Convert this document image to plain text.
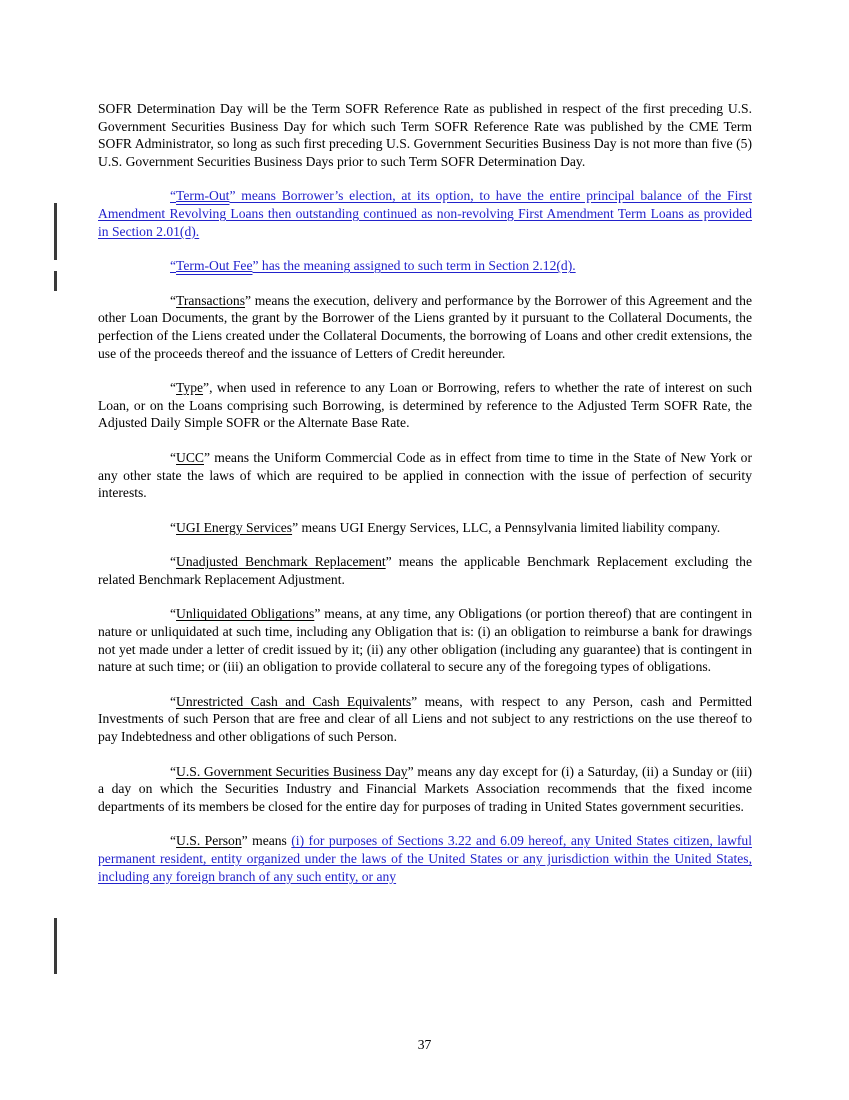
SOFR Determination Day will be the Term SOFR Reference Rate as published in respect of the first preceding U.S. Government Securities Business Day for which such Term SOFR Reference Rate was published by the CME Term SOFR Administrator, so long as such first preceding U.S. Government Securities Business Day is not more than five (5) U.S. Government Securities Business Days prior to such Term SOFR Determination Day.

“Term-Out” means Borrower’s election, at its option, to have the entire principal balance of the First Amendment Revolving Loans then outstanding continued as non-revolving First Amendment Term Loans as provided in Section 2.01(d).

“Term-Out Fee” has the meaning assigned to such term in Section 2.12(d).

“Transactions” means the execution, delivery and performance by the Borrower of this Agreement and the other Loan Documents, the grant by the Borrower of the Liens granted by it pursuant to the Collateral Documents, the perfection of the Liens created under the Collateral Documents, the borrowing of Loans and other credit extensions, the use of the proceeds thereof and the issuance of Letters of Credit hereunder.

“Type”, when used in reference to any Loan or Borrowing, refers to whether the rate of interest on such Loan, or on the Loans comprising such Borrowing, is determined by reference to the Adjusted Term SOFR Rate, the Adjusted Daily Simple SOFR or the Alternate Base Rate.

“UCC” means the Uniform Commercial Code as in effect from time to time in the State of New York or any other state the laws of which are required to be applied in connection with the issue of perfection of security interests.

“UGI Energy Services” means UGI Energy Services, LLC, a Pennsylvania limited liability company.

“Unadjusted Benchmark Replacement” means the applicable Benchmark Replacement excluding the related Benchmark Replacement Adjustment.

“Unliquidated Obligations” means, at any time, any Obligations (or portion thereof) that are contingent in nature or unliquidated at such time, including any Obligation that is: (i) an obligation to reimburse a bank for drawings not yet made under a letter of credit issued by it; (ii) any other obligation (including any guarantee) that is contingent in nature at such time; or (iii) an obligation to provide collateral to secure any of the foregoing types of obligations.

“Unrestricted Cash and Cash Equivalents” means, with respect to any Person, cash and Permitted Investments of such Person that are free and clear of all Liens and not subject to any restrictions on the use thereof to pay Indebtedness and other obligations of such Person.

“U.S. Government Securities Business Day” means any day except for (i) a Saturday, (ii) a Sunday or (iii) a day on which the Securities Industry and Financial Markets Association recommends that the fixed income departments of its members be closed for the entire day for purposes of trading in United States government securities.

“U.S. Person” means (i) for purposes of Sections 3.22 and 6.09 hereof, any United States citizen, lawful permanent resident, entity organized under the laws of the United States or any jurisdiction within the United States, including any foreign branch of any such entity, or any

37
